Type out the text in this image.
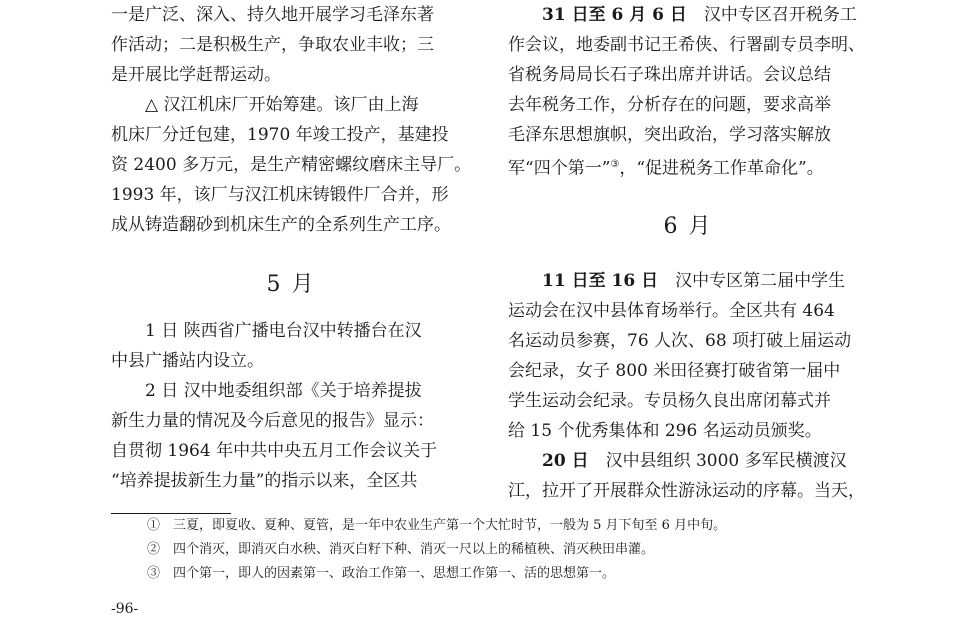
一是广泛、深入、持久地开展学习毛泽东著

作活动；二是积极生产，争取农业丰收；三

是开展比学赶帮运动。

△ 汉江机床厂开始筹建。该厂由上海

机床厂分迁包建，1970 年竣工投产，基建投

资 2400 多万元，是生产精密螺纹磨床主导厂。

1993 年，该厂与汉江机床铸锻件厂合并，形

成从铸造翻砂到机床生产的全系列生产工序。

5 月

1 日 陕西省广播电台汉中转播台在汉

中县广播站内设立。

2 日 汉中地委组织部《关于培养提拔

新生力量的情况及今后意见的报告》显示：

自贯彻 1964 年中共中央五月工作会议关于

“培养提拔新生力量”的指示以来，全区共

31 日至 6 月 6 日　 汉中专区召开税务工

作会议，地委副书记王希侠、行署副专员李明、

省税务局局长石子珠出席并讲话。会议总结

去年税务工作，分析存在的问题，要求高举

毛泽东思想旗帜，突出政治，学习落实解放

军“四个第一”③，“促进税务工作革命化”。

6 月

11 日至 16 日　 汉中专区第二届中学生

运动会在汉中县体育场举行。全区共有 464

名运动员参赛，76 人次、68 项打破上届运动

会纪录，女子 800 米田径赛打破省第一届中

学生运动会纪录。专员杨久良出席闭幕式并

给 15 个优秀集体和 296 名运动员颁奖。

20 日　 汉中县组织 3000 多军民横渡汉

江，拉开了开展群众性游泳运动的序幕。当天，

①　三夏，即夏收、夏种、夏管，是一年中农业生产第一个大忙时节，一般为 5 月下旬至 6 月中旬。
②　四个消灭，即消灭白水秧、消灭白籽下种、消灭一尺以上的稀植秧、消灭秧田串灌。
③　四个第一，即人的因素第一、政治工作第一、思想工作第一、活的思想第一。
-96-
